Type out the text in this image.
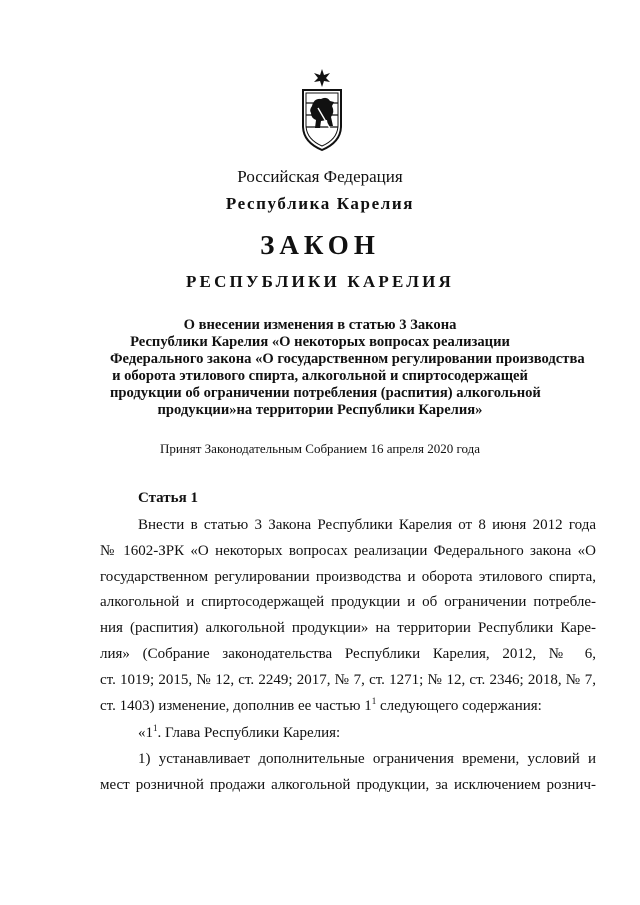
Российская Федерация
Республика Карелия
ЗАКОН
РЕСПУБЛИКИ КАРЕЛИЯ
О внесении изменения в статью 3 Закона
Республики Карелия «О некоторых вопросах реализации
Федерального закона «О государственном регулировании производства
и оборота этилового спирта, алкогольной и спиртосодержащей
продукции об ограничении потребления (распития) алкогольной
продукции»на территории Республики Карелия»
Принят Законодательным Собранием 16 апреля 2020 года
Статья 1
Внести в статью 3 Закона Республики Карелия от 8 июня 2012 года
№ 1602-ЗРК «О некоторых вопросах реализации Федерального закона «О
государственном регулировании производства и оборота этилового спирта,
алкогольной и спиртосодержащей продукции и об ограничении потребле-
ния (распития) алкогольной продукции» на территории Республики Каре-
лия» (Собрание законодательства Республики Карелия, 2012, № 6,
ст. 1019; 2015, № 12, ст. 2249; 2017, № 7, ст. 1271; № 12, ст. 2346; 2018, № 7,
ст. 1403) изменение, дополнив ее частью $1^1$ следующего содержания:
«$1^1$. Глава Республики Карелия:
1) устанавливает дополнительные ограничения времени, условий и
мест розничной продажи алкогольной продукции, за исключением рознич-
